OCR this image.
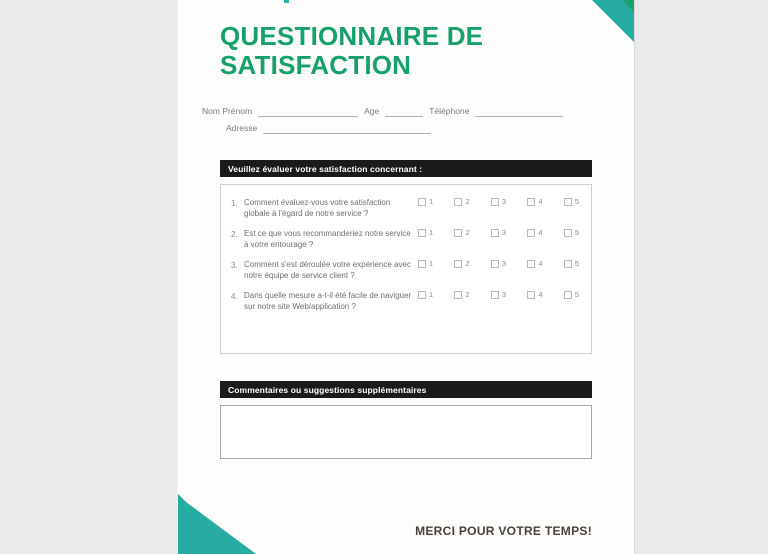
QUESTIONNAIRE DE
SATISFACTION
Nom Prénom	Age	Téléphone
Adresse
Veuillez évaluer votre satisfaction concernant :
1. Comment évaluez-vous votre satisfaction globale à l'égard de notre service ?
1	2	3	4	5
2. Est ce que vous recommanderiez notre service à votre entourage ?
1	2	3	4	5
3. Comment s'est déroulée votre expérience avec notre équipe de service client ?
1	2	3	4	5
4. Dans quelle mesure a-t-il été facile de naviguer sur notre site Web/application ?
1	2	3	4	5
Commentaires ou suggestions supplémentaires
MERCI POUR VOTRE TEMPS!
